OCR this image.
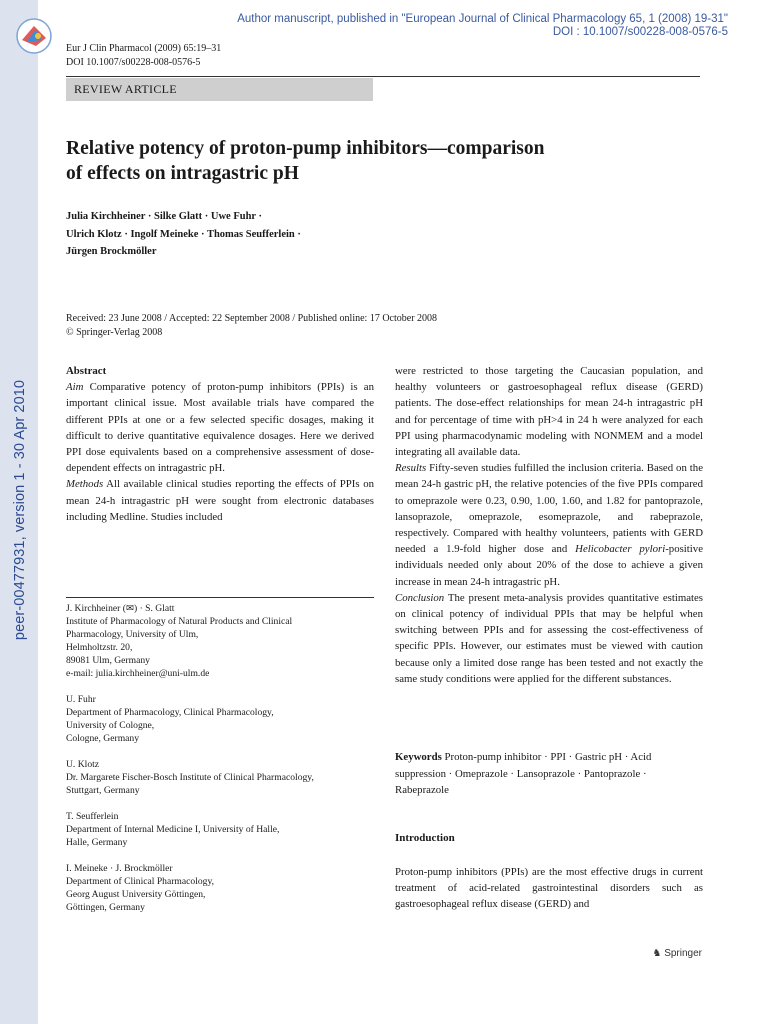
peer-00477931, version 1 - 30 Apr 2010
Author manuscript, published in "European Journal of Clinical Pharmacology 65, 1 (2008) 19-31"
DOI : 10.1007/s00228-008-0576-5
Eur J Clin Pharmacol (2009) 65:19–31
DOI 10.1007/s00228-008-0576-5
REVIEW ARTICLE
Relative potency of proton-pump inhibitors—comparison
of effects on intragastric pH
Julia Kirchheiner · Silke Glatt · Uwe Fuhr ·
Ulrich Klotz · Ingolf Meineke · Thomas Seufferlein ·
Jürgen Brockmöller
Received: 23 June 2008 / Accepted: 22 September 2008 / Published online: 17 October 2008
© Springer-Verlag 2008

Abstract

Aim Comparative potency of proton-pump inhibitors (PPIs) is an important clinical issue. Most available trials have compared the different PPIs at one or a few selected specific dosages, making it difficult to derive quantitative equivalence dosages. Here we derived PPI dose equivalents based on a comprehensive assessment of dose-dependent effects on intragastric pH.

Methods All available clinical studies reporting the effects of PPIs on mean 24-h intragastric pH were sought from electronic databases including Medline. Studies included

J. Kirchheiner (✉) · S. Glatt
Institute of Pharmacology of Natural Products and Clinical
Pharmacology, University of Ulm,
Helmholtzstr. 20,
89081 Ulm, Germany
e-mail: julia.kirchheiner@uni-ulm.de
U. Fuhr
Department of Pharmacology, Clinical Pharmacology,
University of Cologne,
Cologne, Germany
U. Klotz
Dr. Margarete Fischer-Bosch Institute of Clinical Pharmacology,
Stuttgart, Germany
T. Seufferlein
Department of Internal Medicine I, University of Halle,
Halle, Germany
I. Meineke · J. Brockmöller
Department of Clinical Pharmacology,
Georg August University Göttingen,
Göttingen, Germany

were restricted to those targeting the Caucasian population, and healthy volunteers or gastroesophageal reflux disease (GERD) patients. The dose-effect relationships for mean 24-h intragastric pH and for percentage of time with pH>4 in 24 h were analyzed for each PPI using pharmacodynamic modeling with NONMEM and a model integrating all available data.

Results Fifty-seven studies fulfilled the inclusion criteria. Based on the mean 24-h gastric pH, the relative potencies of the five PPIs compared to omeprazole were 0.23, 0.90, 1.00, 1.60, and 1.82 for pantoprazole, lansoprazole, omeprazole, esomeprazole, and rabeprazole, respectively. Compared with healthy volunteers, patients with GERD needed a 1.9-fold higher dose and Helicobacter pylori-positive individuals needed only about 20% of the dose to achieve a given increase in mean 24-h intragastric pH.

Conclusion The present meta-analysis provides quantitative estimates on clinical potency of individual PPIs that may be helpful when switching between PPIs and for assessing the cost-effectiveness of specific PPIs. However, our estimates must be viewed with caution because only a limited dose range has been tested and not exactly the same study conditions were applied for the different substances.

Keywords Proton-pump inhibitor · PPI · Gastric pH · Acid suppression · Omeprazole · Lansoprazole · Pantoprazole · Rabeprazole
Introduction
Proton-pump inhibitors (PPIs) are the most effective drugs in current treatment of acid-related gastrointestinal disorders such as gastroesophageal reflux disease (GERD) and
♞ Springer
